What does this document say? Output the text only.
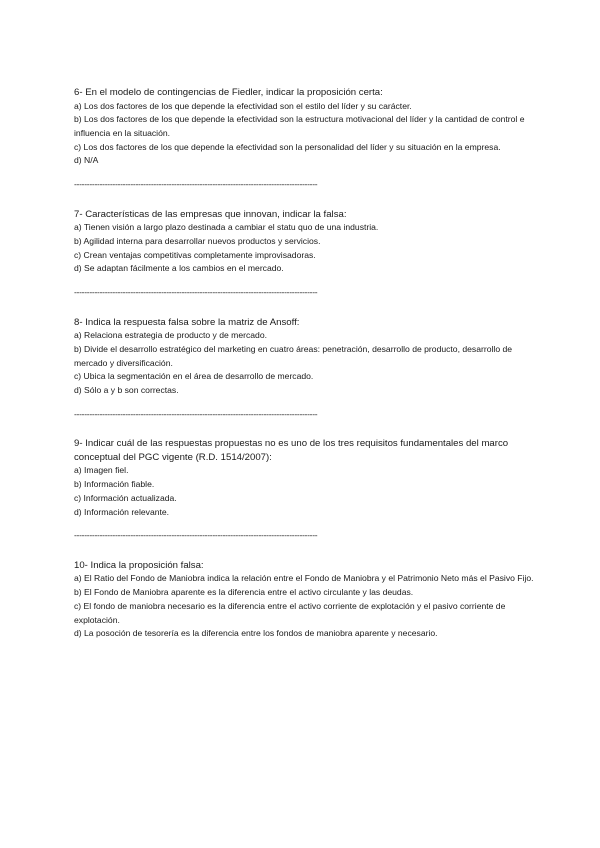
6- En el modelo de contingencias de Fiedler, indicar la proposición certa:

a) Los dos factores de los que depende la efectividad son el estilo del líder y su carácter.

b) Los dos factores de los que depende la efectividad son la estructura motivacional del líder y la cantidad de control e influencia en la situación.

c) Los dos factores de los que depende la efectividad son la personalidad del líder y su situación en la empresa.

d) N/A

-----------------------------------------------------------------------------------------------

7- Características de las empresas que innovan, indicar la falsa:

a) Tienen visión a largo plazo destinada a cambiar el statu quo de una industria.

b) Agilidad interna para desarrollar nuevos productos y servicios.

c) Crean ventajas competitivas completamente improvisadoras.

d) Se adaptan fácilmente a los cambios en el mercado.

-----------------------------------------------------------------------------------------------

8- Indica la respuesta falsa sobre la matriz de Ansoff:

a) Relaciona estrategia de producto y de mercado.

b) Divide el desarrollo estratégico del marketing en cuatro áreas: penetración, desarrollo de producto, desarrollo de mercado y diversificación.

c) Ubica la segmentación en el área de desarrollo de mercado.

d) Sólo a y b son correctas.

-----------------------------------------------------------------------------------------------

9- Indicar cuál de las respuestas propuestas no es uno de los tres requisitos fundamentales del marco conceptual del PGC vigente (R.D. 1514/2007):

a) Imagen fiel.

b) Información fiable.

c) Información actualizada.

d) Información relevante.

-----------------------------------------------------------------------------------------------

10- Indica la proposición falsa:

a) El Ratio del Fondo de Maniobra indica la relación entre el Fondo de Maniobra y el Patrimonio Neto más el Pasivo Fijo.

b) El Fondo de Maniobra aparente es la diferencia entre el activo circulante y las deudas.

c) El fondo de maniobra necesario es la diferencia entre el activo corriente de explotación y el pasivo corriente de explotación.

d) La posoción de tesorería es la diferencia entre los fondos de maniobra aparente y necesario.
